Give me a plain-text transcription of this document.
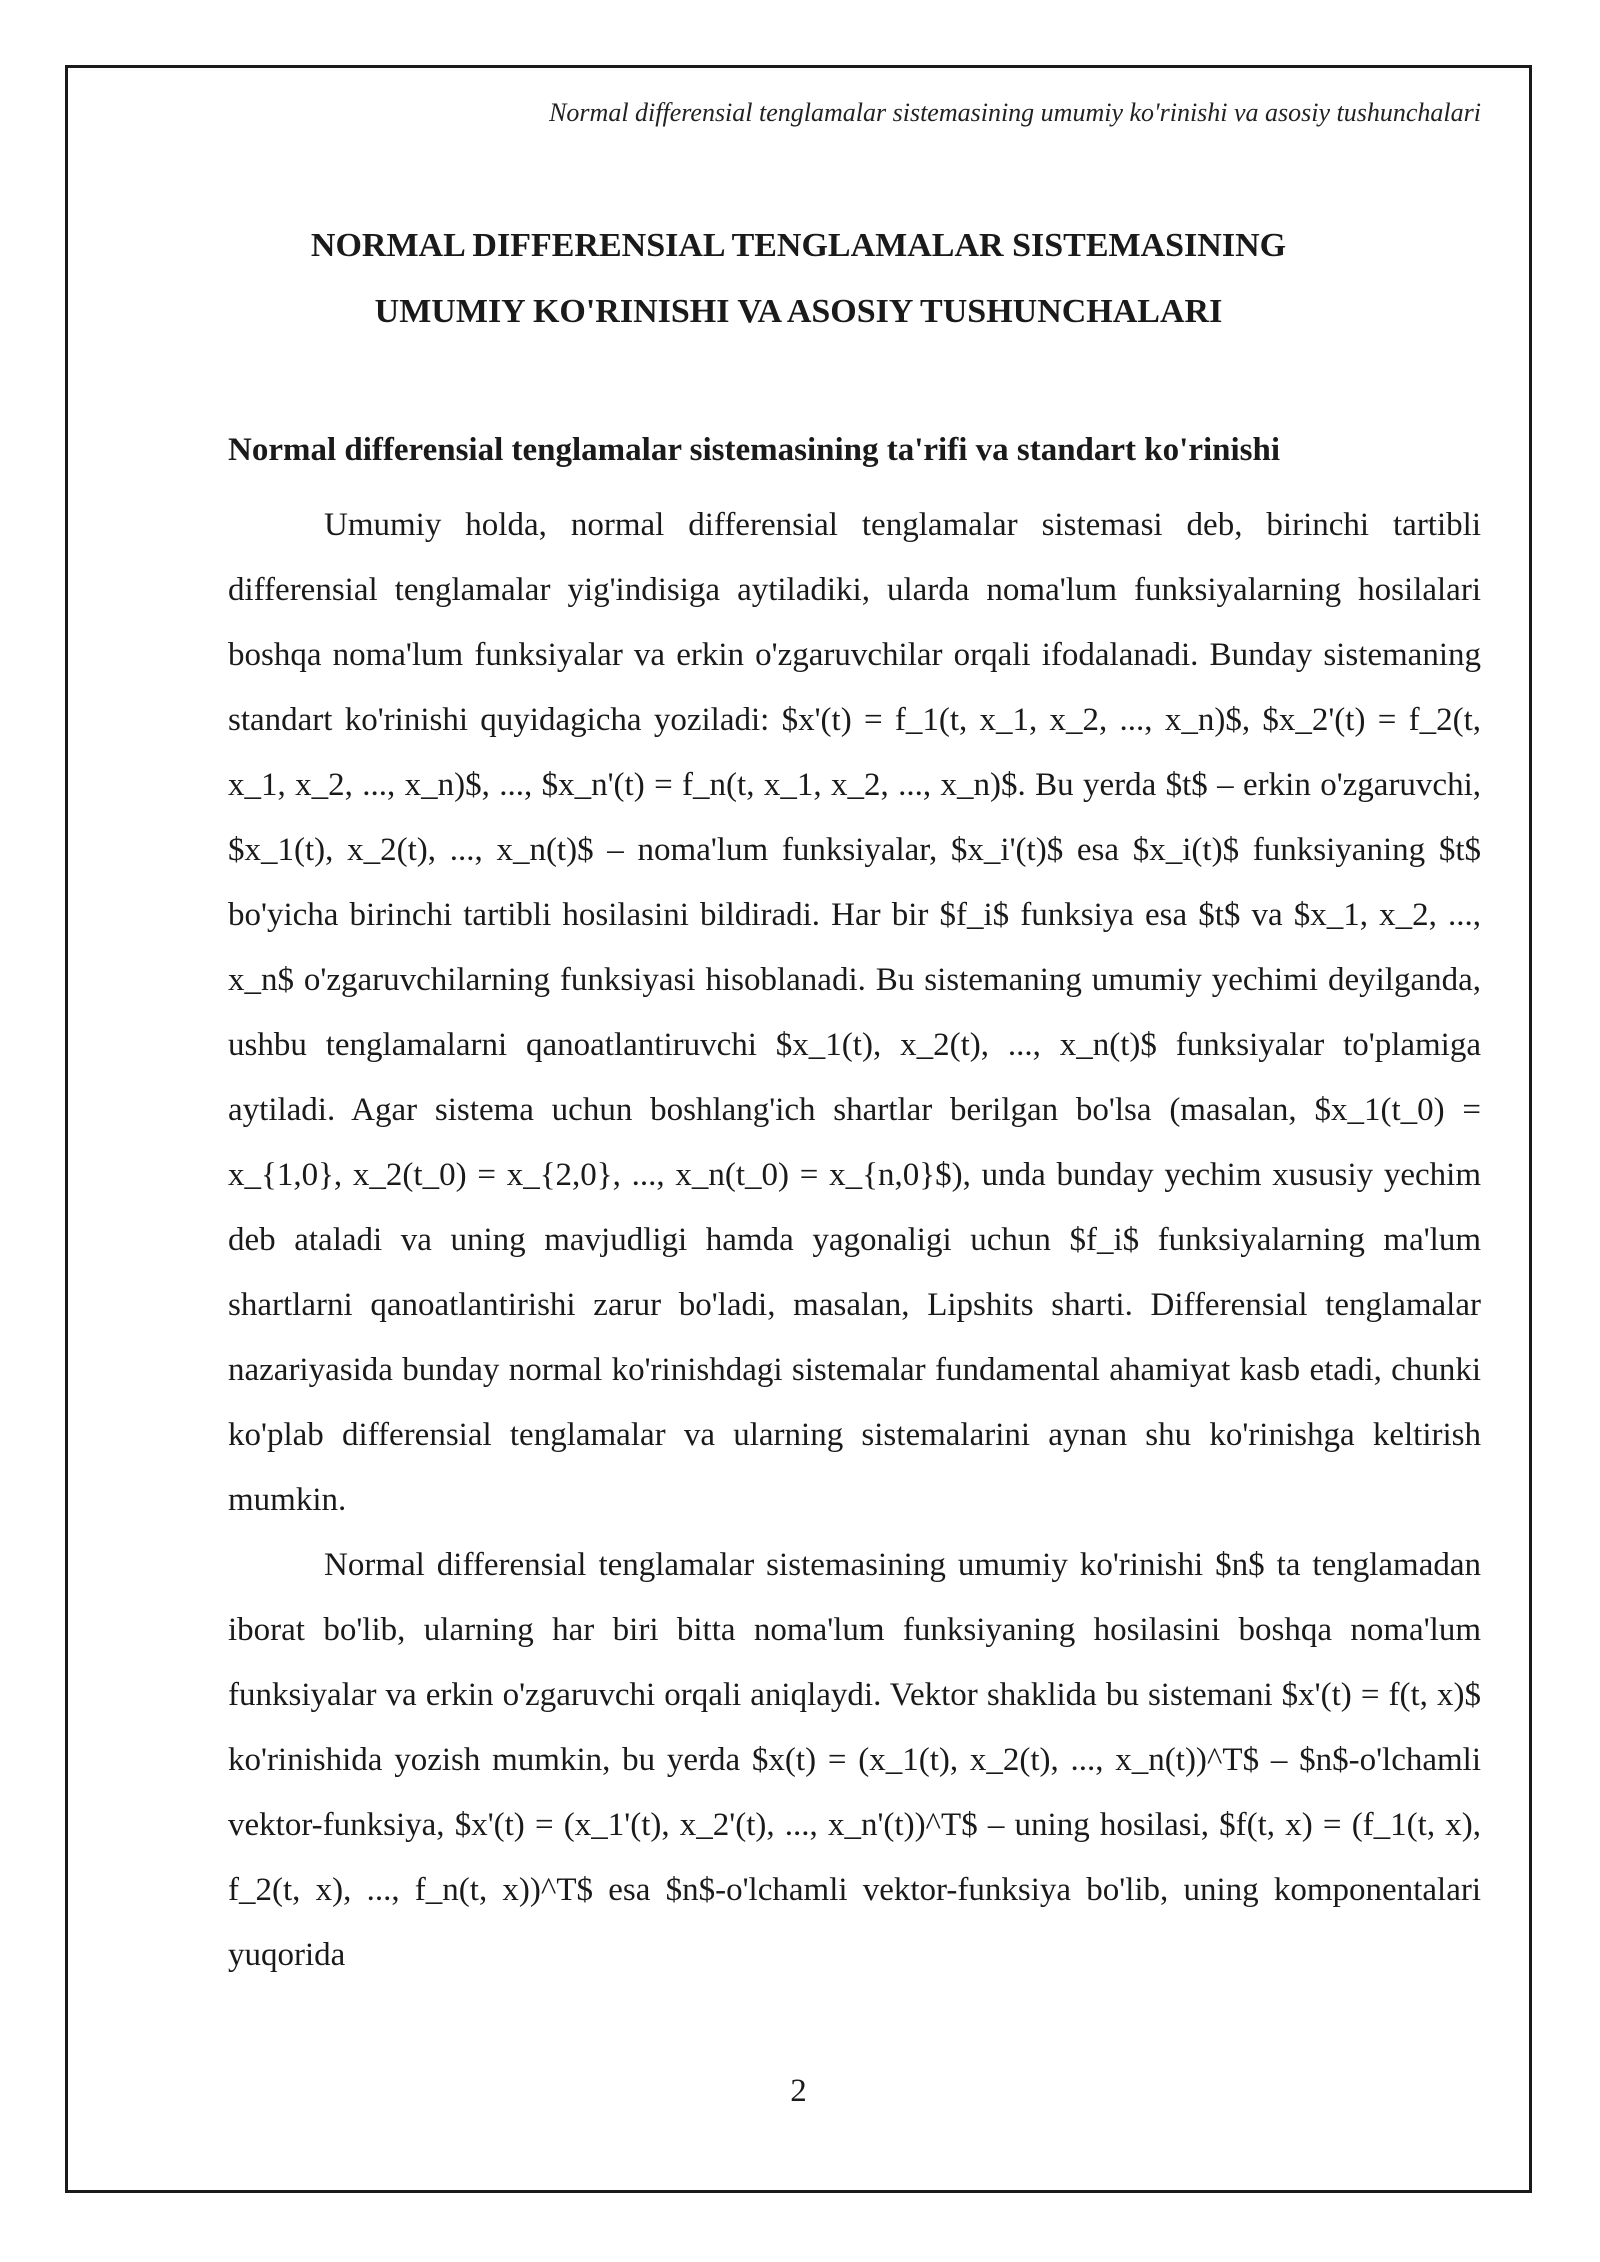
Normal differensial tenglamalar sistemasining umumiy ko'rinishi va asosiy tushunchalari
NORMAL DIFFERENSIAL TENGLAMALAR SISTEMASINING
UMUMIY KO'RINISHI VA ASOSIY TUSHUNCHALARI
Normal differensial tenglamalar sistemasining ta'rifi va standart ko'rinishi

Umumiy holda, normal differensial tenglamalar sistemasi deb, birinchi tartibli differensial tenglamalar yig'indisiga aytiladiki, ularda noma'lum funksiyalarning hosilalari boshqa noma'lum funksiyalar va erkin o'zgaruvchilar orqali ifodalanadi. Bunday sistemaning standart ko'rinishi quyidagicha yoziladi: $x'(t) = f_1(t, x_1, x_2, ..., x_n)$, $x_2'(t) = f_2(t, x_1, x_2, ..., x_n)$, ..., $x_n'(t) = f_n(t, x_1, x_2, ..., x_n)$. Bu yerda $t$ – erkin o'zgaruvchi, $x_1(t), x_2(t), ..., x_n(t)$ – noma'lum funksiyalar, $x_i'(t)$ esa $x_i(t)$ funksiyaning $t$ bo'yicha birinchi tartibli hosilasini bildiradi. Har bir $f_i$ funksiya esa $t$ va $x_1, x_2, ..., x_n$ o'zgaruvchilarning funksiyasi hisoblanadi. Bu sistemaning umumiy yechimi deyilganda, ushbu tenglamalarni qanoatlantiruvchi $x_1(t), x_2(t), ..., x_n(t)$ funksiyalar to'plamiga aytiladi. Agar sistema uchun boshlang'ich shartlar berilgan bo'lsa (masalan, $x_1(t_0) = x_{1,0}, x_2(t_0) = x_{2,0}, ..., x_n(t_0) = x_{n,0}$), unda bunday yechim xususiy yechim deb ataladi va uning mavjudligi hamda yagonaligi uchun $f_i$ funksiyalarning ma'lum shartlarni qanoatlantirishi zarur bo'ladi, masalan, Lipshits sharti. Differensial tenglamalar nazariyasida bunday normal ko'rinishdagi sistemalar fundamental ahamiyat kasb etadi, chunki ko'plab differensial tenglamalar va ularning sistemalarini aynan shu ko'rinishga keltirish mumkin.

Normal differensial tenglamalar sistemasining umumiy ko'rinishi $n$ ta tenglamadan iborat bo'lib, ularning har biri bitta noma'lum funksiyaning hosilasini boshqa noma'lum funksiyalar va erkin o'zgaruvchi orqali aniqlaydi. Vektor shaklida bu sistemani $x'(t) = f(t, x)$ ko'rinishida yozish mumkin, bu yerda $x(t) = (x_1(t), x_2(t), ..., x_n(t))^T$ – $n$-o'lchamli vektor-funksiya, $x'(t) = (x_1'(t), x_2'(t), ..., x_n'(t))^T$ – uning hosilasi, $f(t, x) = (f_1(t, x), f_2(t, x), ..., f_n(t, x))^T$ esa $n$-o'lchamli vektor-funksiya bo'lib, uning komponentalari yuqorida

2
